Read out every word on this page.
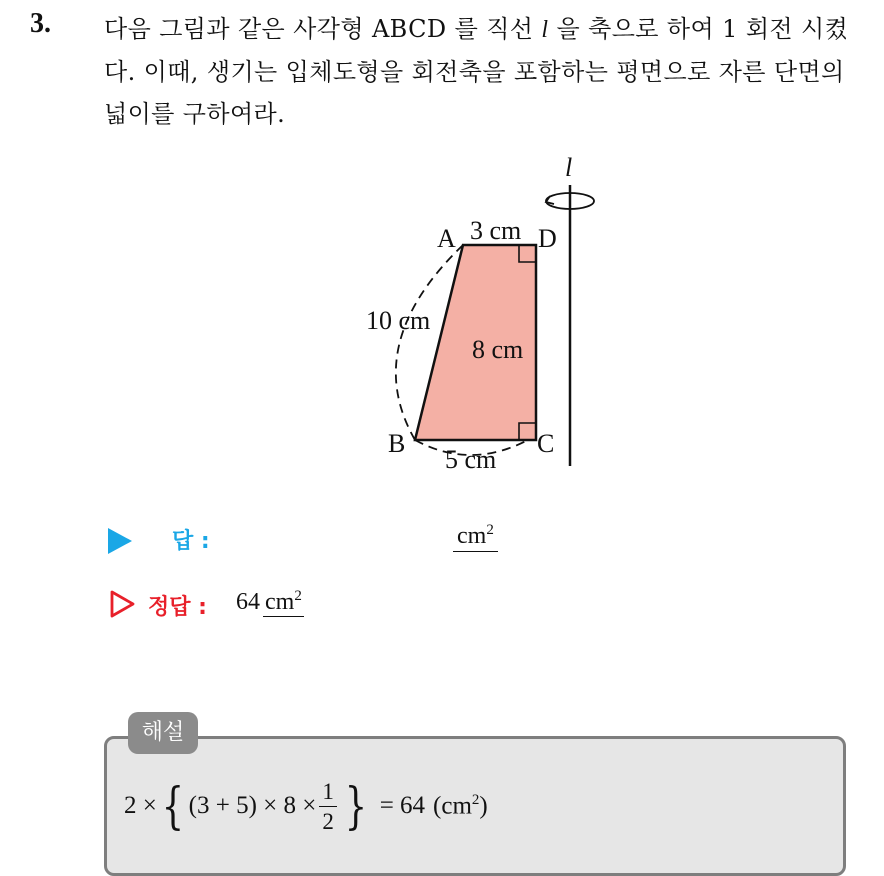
3. 다음 그림과 같은 사각형 ABCD 를 직선 l 을 축으로 하여 1 회전 시켰다. 이때, 생기는 입체도형을 회전축을 포함하는 평면으로 자른 단면의 넓이를 구하여라.
l
A	D
B	C
3 cm
10 cm
8 cm
5 cm
답 :	$cm^2$
정답 : 64 $cm^2$
해설
2 × { $(3 + 5) \times 8 \times \frac{1}{2}$ } = 64 $(cm^2)$
